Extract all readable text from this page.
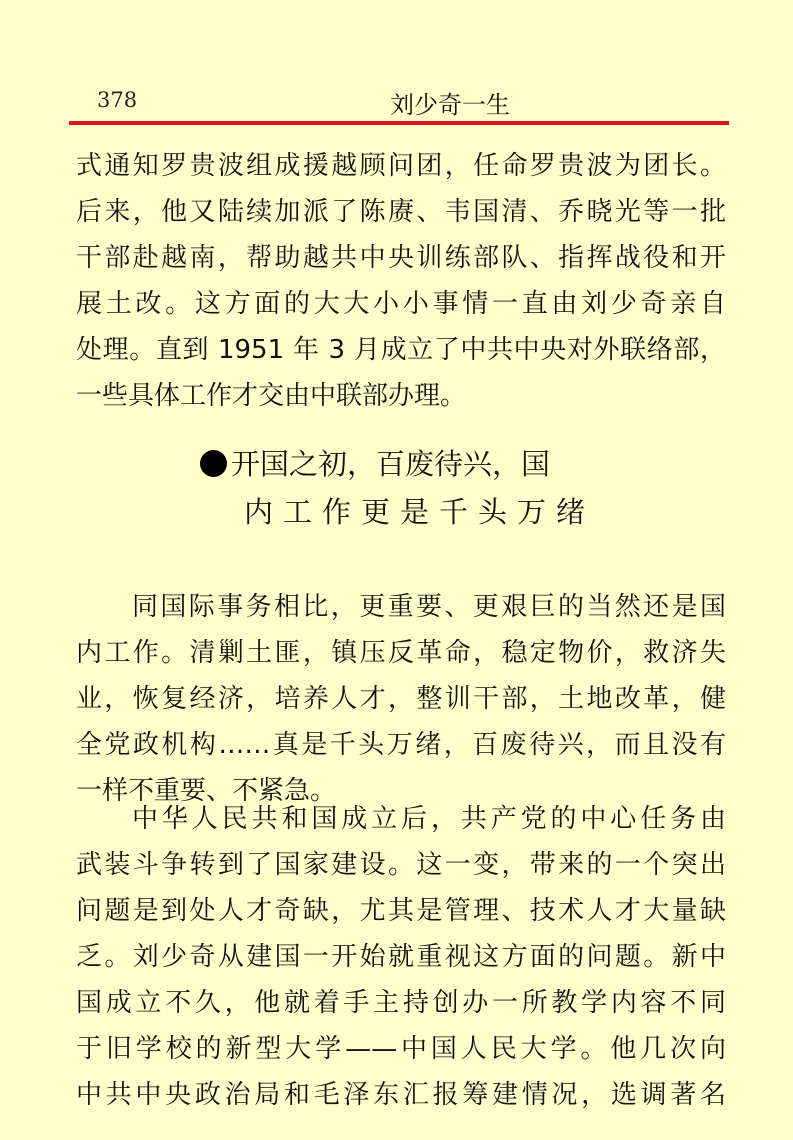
378	刘少奇一生
式通知罗贵波组成援越顾问团，任命罗贵波为团长。
后来，他又陆续加派了陈赓、韦国清、乔晓光等一批
干部赴越南，帮助越共中央训练部队、指挥战役和开
展土改。这方面的大大小小事情一直由刘少奇亲自
处理。直到 1951 年 3 月成立了中共中央对外联络部，
一些具体工作才交由中联部办理。
开国之初，百废待兴，国
内工作更是千头万绪
同国际事务相比，更重要、更艰巨的当然还是国
内工作。清剿土匪，镇压反革命，稳定物价，救济失
业，恢复经济，培养人才，整训干部，土地改革，健
全党政机构……真是千头万绪，百废待兴，而且没有
一样不重要、不紧急。
中华人民共和国成立后，共产党的中心任务由
武装斗争转到了国家建设。这一变，带来的一个突出
问题是到处人才奇缺，尤其是管理、技术人才大量缺
乏。刘少奇从建国一开始就重视这方面的问题。新中
国成立不久，他就着手主持创办一所教学内容不同
于旧学校的新型大学——中国人民大学。他几次向
中共中央政治局和毛泽东汇报筹建情况，选调著名
